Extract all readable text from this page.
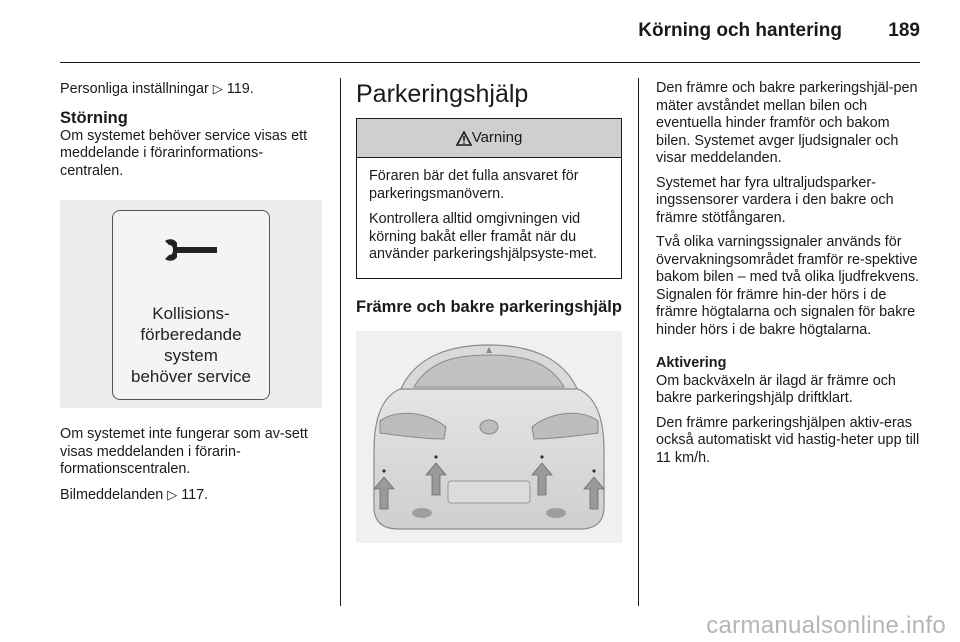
Körning och hantering 189

Personliga inställningar ▷ 119.

Störning

Om systemet behöver service visas ett meddelande i förarinformations-centralen.

Kollisions-
förberedande
system
behöver service

Om systemet inte fungerar som av-sett visas meddelanden i förarin-formationscentralen.

Bilmeddelanden ▷ 117.

Parkeringshjälp

Varning

Föraren bär det fulla ansvaret för parkeringsmanövern.

Kontrollera alltid omgivningen vid körning bakåt eller framåt när du använder parkeringshjälpsyste-met.

Främre och bakre parkeringshjälp

Den främre och bakre parkeringshjäl-pen mäter avståndet mellan bilen och eventuella hinder framför och bakom bilen. Systemet avger ljudsignaler och visar meddelanden.

Systemet har fyra ultraljudsparker-ingssensorer vardera i den bakre och främre stötfångaren.

Två olika varningssignaler används för övervakningsområdet framför re-spektive bakom bilen – med två olika ljudfrekvens. Signalen för främre hin-der hörs i de främre högtalarna och signalen för bakre hinder hörs i de bakre högtalarna.

Aktivering

Om backväxeln är ilagd är främre och bakre parkeringshjälp driftklart.

Den främre parkeringshjälpen aktiv-eras också automatiskt vid hastig-heter upp till 11 km/h.

carmanualsonline.info
